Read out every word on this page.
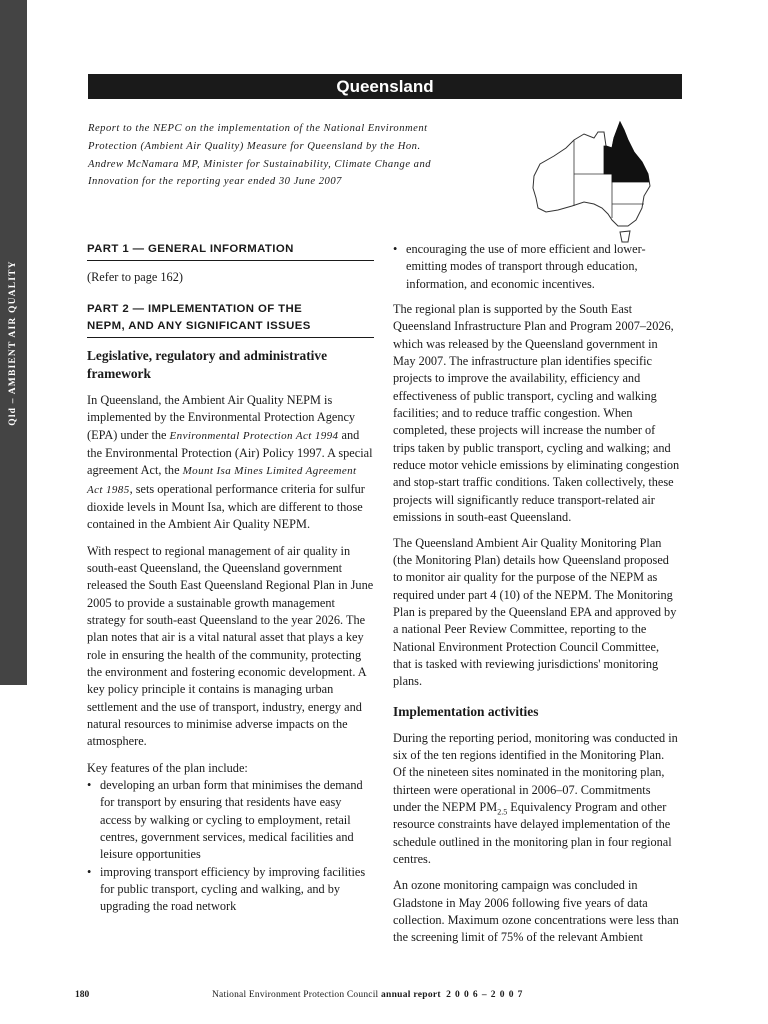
Qld – AMBIENT AIR QUALITY
Queensland
Report to the NEPC on the implementation of the National Environment
Protection (Ambient Air Quality) Measure for Queensland by the Hon.
Andrew McNamara MP, Minister for Sustainability, Climate Change and
Innovation for the reporting year ended 30 June 2007
PART 1 — GENERAL INFORMATION

(Refer to page 162)

PART 2 — IMPLEMENTATION OF THE
NEPM, AND ANY SIGNIFICANT ISSUES

Legislative, regulatory and administrative framework

In Queensland, the Ambient Air Quality NEPM is implemented by the Environmental Protection Agency (EPA) under the Environmental Protection Act 1994 and the Environmental Protection (Air) Policy 1997. A special agreement Act, the Mount Isa Mines Limited Agreement Act 1985, sets operational performance criteria for sulfur dioxide levels in Mount Isa, which are different to those contained in the Ambient Air Quality NEPM.

With respect to regional management of air quality in south-east Queensland, the Queensland government released the South East Queensland Regional Plan in June 2005 to provide a sustainable growth management strategy for south-east Queensland to the year 2026. The plan notes that air is a vital natural asset that plays a key role in ensuring the health of the community, protecting the environment and fostering economic development. A key policy principle it contains is managing urban settlement and the use of transport, industry, energy and natural resources to minimise adverse impacts on the atmosphere.

Key features of the plan include:

• developing an urban form that minimises the demand for transport by ensuring that residents have easy access by walking or cycling to employment, retail centres, government services, medical facilities and leisure opportunities
• improving transport efficiency by improving facilities for public transport, cycling and walking, and by upgrading the road network
• encouraging the use of more efficient and lower-emitting modes of transport through education, information, and economic incentives.

The regional plan is supported by the South East Queensland Infrastructure Plan and Program 2007–2026, which was released by the Queensland government in May 2007. The infrastructure plan identifies specific projects to improve the availability, efficiency and effectiveness of public transport, cycling and walking facilities; and to reduce traffic congestion. When completed, these projects will increase the number of trips taken by public transport, cycling and walking; and reduce motor vehicle emissions by eliminating congestion and stop-start traffic conditions. Taken collectively, these projects will significantly reduce transport-related air emissions in south-east Queensland.

The Queensland Ambient Air Quality Monitoring Plan (the Monitoring Plan) details how Queensland proposed to monitor air quality for the purpose of the NEPM as required under part 4 (10) of the NEPM. The Monitoring Plan is prepared by the Queensland EPA and approved by a national Peer Review Committee, reporting to the National Environment Protection Council Committee, that is tasked with reviewing jurisdictions' monitoring plans.

Implementation activities

During the reporting period, monitoring was conducted in six of the ten regions identified in the Monitoring Plan. Of the nineteen sites nominated in the monitoring plan, thirteen were operational in 2006–07. Commitments under the NEPM $PM_{2.5}$ Equivalency Program and other resource constraints have delayed implementation of the schedule outlined in the monitoring plan in four regional centres.

An ozone monitoring campaign was concluded in Gladstone in May 2006 following five years of data collection. Maximum ozone concentrations were less than the screening limit of 75% of the relevant Ambient

180	National Environment Protection Council annual report 2006–2007
